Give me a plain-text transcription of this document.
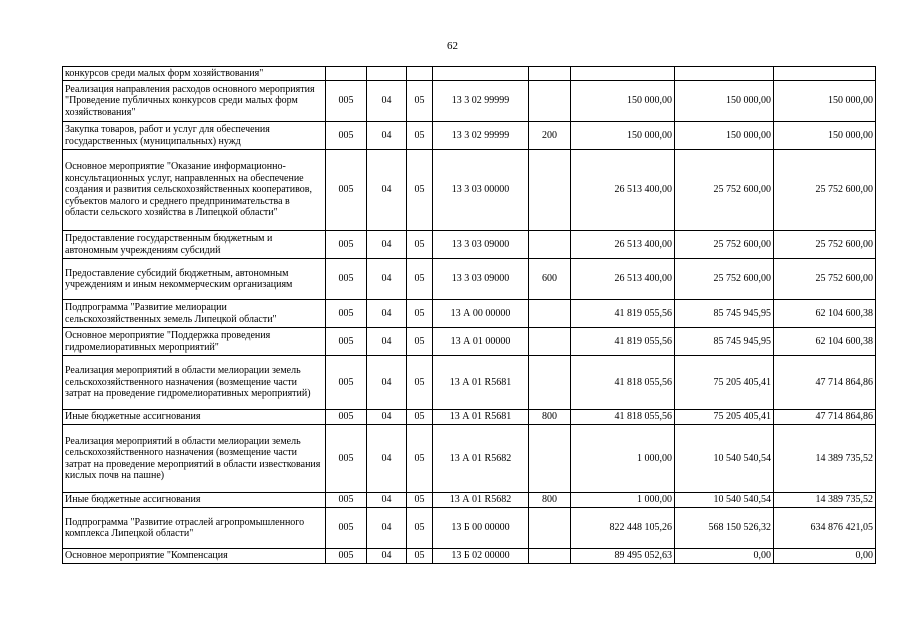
62
конкурсов среди малых форм хозяйствования"								
Реализация направления расходов основного мероприятия "Проведение публичных конкурсов среди малых форм хозяйствования"	005	04	05	13 3 02 99999		150 000,00	150 000,00	150 000,00
Закупка товаров, работ и услуг для обеспечения государственных (муниципальных) нужд	005	04	05	13 3 02 99999	200	150 000,00	150 000,00	150 000,00
Основное мероприятие "Оказание информационно-консультационных услуг, направленных на обеспечение создания и развития сельскохозяйственных кооперативов, субъектов малого и среднего предпринимательства в области сельского хозяйства в Липецкой области"	005	04	05	13 3 03 00000		26 513 400,00	25 752 600,00	25 752 600,00
Предоставление государственным бюджетным и автономным учреждениям субсидий	005	04	05	13 3 03 09000		26 513 400,00	25 752 600,00	25 752 600,00
Предоставление субсидий бюджетным, автономным учреждениям и иным некоммерческим организациям	005	04	05	13 3 03 09000	600	26 513 400,00	25 752 600,00	25 752 600,00
Подпрограмма "Развитие мелиорации сельскохозяйственных земель Липецкой области"	005	04	05	13 А 00 00000		41 819 055,56	85 745 945,95	62 104 600,38
Основное мероприятие "Поддержка проведения гидромелиоративных мероприятий"	005	04	05	13 А 01 00000		41 819 055,56	85 745 945,95	62 104 600,38
Реализация мероприятий в области мелиорации земель сельскохозяйственного назначения (возмещение части затрат на проведение гидромелиоративных мероприятий)	005	04	05	13 А 01 R5681		41 818 055,56	75 205 405,41	47 714 864,86
Иные бюджетные ассигнования	005	04	05	13 А 01 R5681	800	41 818 055,56	75 205 405,41	47 714 864,86
Реализация мероприятий в области мелиорации земель сельскохозяйственного назначения (возмещение части затрат на проведение мероприятий в области известкования кислых почв на пашне)	005	04	05	13 А 01 R5682		1 000,00	10 540 540,54	14 389 735,52
Иные бюджетные ассигнования	005	04	05	13 А 01 R5682	800	1 000,00	10 540 540,54	14 389 735,52
Подпрограмма "Развитие отраслей агропромышленного комплекса Липецкой области"	005	04	05	13 Б 00 00000		822 448 105,26	568 150 526,32	634 876 421,05
Основное мероприятие "Компенсация	005	04	05	13 Б 02 00000		89 495 052,63	0,00	0,00
